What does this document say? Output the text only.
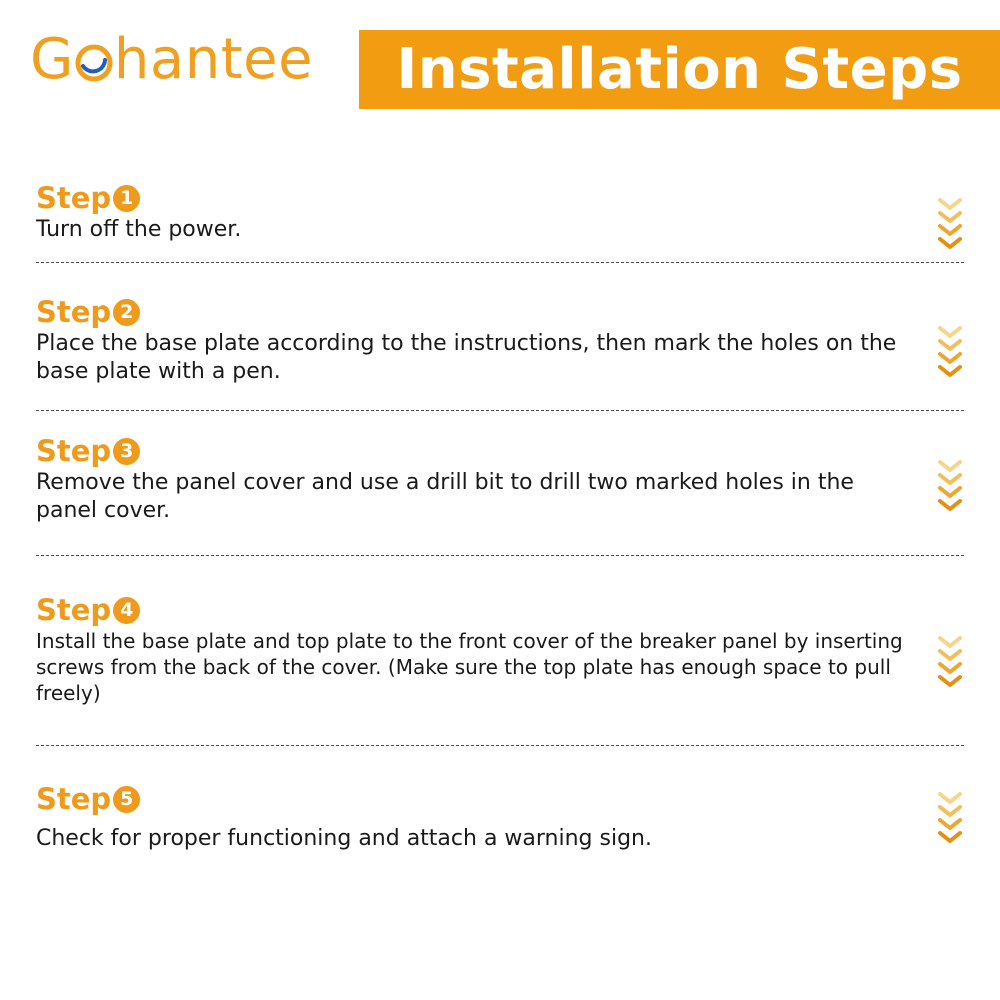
G hantee Installation Steps
Step 1

Turn off the power.

Step 2

Place the base plate according to the instructions, then mark the holes on the base plate with a pen.

Step 3

Remove the panel cover and use a drill bit to drill two marked holes in the panel cover.

Step 4

Install the base plate and top plate to the front cover of the breaker panel by inserting screws from the back of the cover. (Make sure the top plate has enough space to pull freely)

Step 5

Check for proper functioning and attach a warning sign.
